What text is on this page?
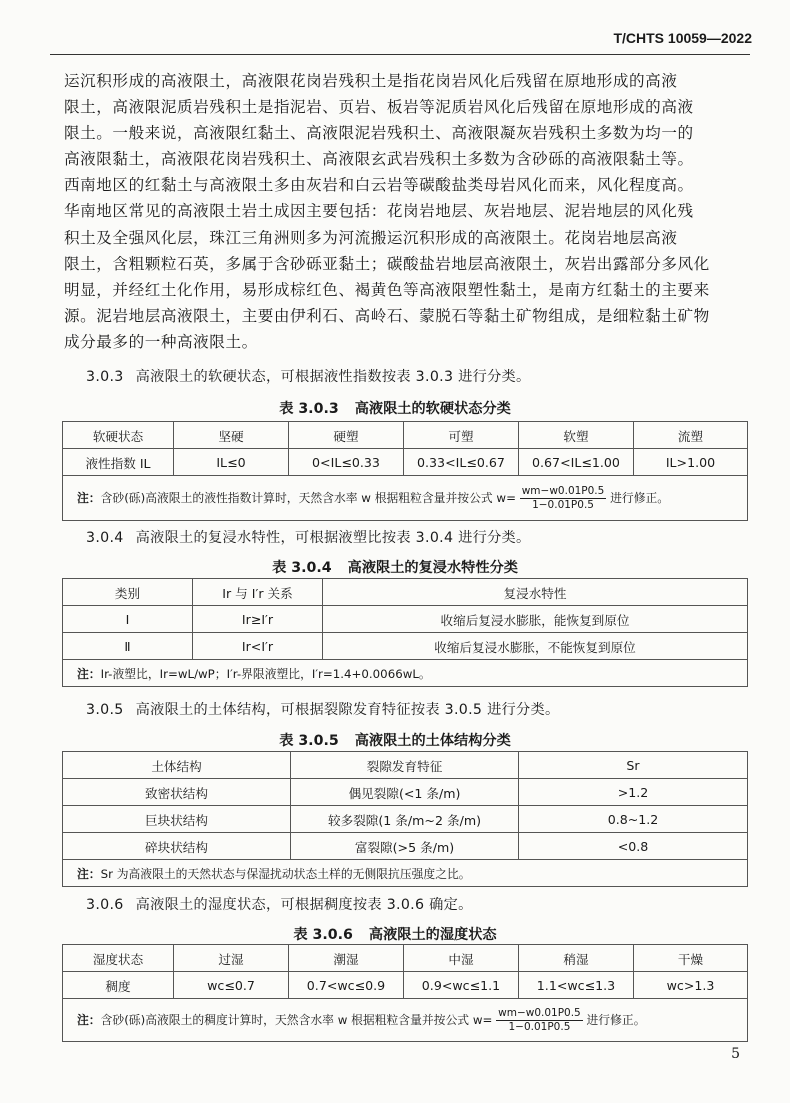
T/CHTS 10059—2022
运沉积形成的高液限土，高液限花岗岩残积土是指花岗岩风化后残留在原地形成的高液
限土，高液限泥质岩残积土是指泥岩、页岩、板岩等泥质岩风化后残留在原地形成的高液
限土。一般来说，高液限红黏土、高液限泥岩残积土、高液限凝灰岩残积土多数为均一的
高液限黏土，高液限花岗岩残积土、高液限玄武岩残积土多数为含砂砾的高液限黏土等。
西南地区的红黏土与高液限土多由灰岩和白云岩等碳酸盐类母岩风化而来，风化程度高。
华南地区常见的高液限土岩土成因主要包括：花岗岩地层、灰岩地层、泥岩地层的风化残
积土及全强风化层，珠江三角洲则多为河流搬运沉积形成的高液限土。花岗岩地层高液
限土，含粗颗粒石英，多属于含砂砾亚黏土；碳酸盐岩地层高液限土，灰岩出露部分多风化
明显，并经红土化作用，易形成棕红色、褐黄色等高液限塑性黏土，是南方红黏土的主要来
源。泥岩地层高液限土，主要由伊利石、高岭石、蒙脱石等黏土矿物组成，是细粒黏土矿物
成分最多的一种高液限土。

3.0.3 高液限土的软硬状态，可根据液性指数按表 3.0.3 进行分类。

表 3.0.3 高液限土的软硬状态分类

软硬状态	坚硬	硬塑	可塑	软塑	流塑
液性指数 IL	IL≤0	0<IL≤0.33	0.33<IL≤0.67	0.67<IL≤1.00	IL>1.00
注：含砂(砾)高液限土的液性指数计算时，天然含水率 w 根据粗粒含量并按公式 $w= \frac{wm-w0.01P0.5}{1-0.01P0.5}$ 进行修正。					

3.0.4 高液限土的复浸水特性，可根据液塑比按表 3.0.4 进行分类。

表 3.0.4 高液限土的复浸水特性分类

类别	Ir 与 I′r 关系	复浸水特性
Ⅰ	Ir≥I′r	收缩后复浸水膨胀，能恢复到原位
Ⅱ	Ir<I′r	收缩后复浸水膨胀，不能恢复到原位
注：Ir-液塑比，Ir=wL/wP；I′r-界限液塑比，I′r=1.4+0.0066wL。		

3.0.5 高液限土的土体结构，可根据裂隙发育特征按表 3.0.5 进行分类。

表 3.0.5 高液限土的土体结构分类

土体结构	裂隙发育特征	Sr
致密状结构	偶见裂隙(<1 条/m)	>1.2
巨块状结构	较多裂隙(1 条/m~2 条/m)	0.8~1.2
碎块状结构	富裂隙(>5 条/m)	<0.8
注：Sr 为高液限土的天然状态与保湿扰动状态土样的无侧限抗压强度之比。		

3.0.6 高液限土的湿度状态，可根据稠度按表 3.0.6 确定。

表 3.0.6 高液限土的湿度状态

湿度状态	过湿	潮湿	中湿	稍湿	干燥
稠度	wc≤0.7	0.7<wc≤0.9	0.9<wc≤1.1	1.1<wc≤1.3	wc>1.3
注：含砂(砾)高液限土的稠度计算时，天然含水率 w 根据粗粒含量并按公式 $w= \frac{wm-w0.01P0.5}{1-0.01P0.5}$ 进行修正。					
5
